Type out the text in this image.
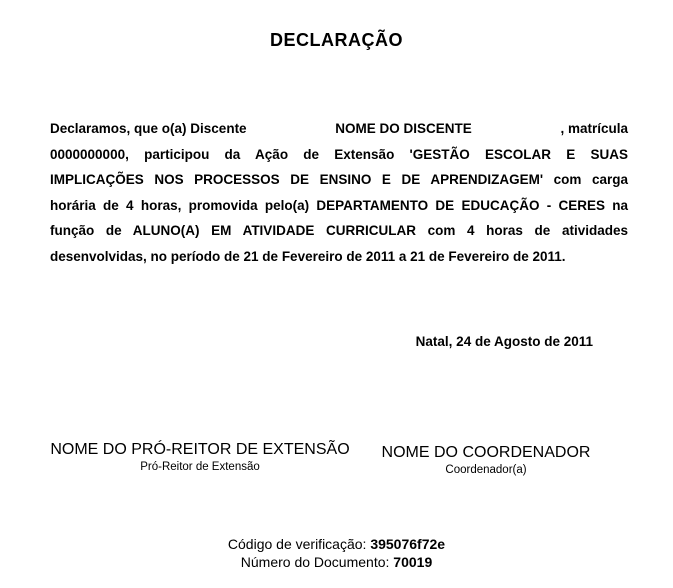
DECLARAÇÃO
Declaramos, que o(a) Discente	NOME DO DISCENTE	, matrícula
0000000000, participou da Ação de Extensão 'GESTÃO ESCOLAR E SUAS
IMPLICAÇÕES NOS PROCESSOS DE ENSINO E DE APRENDIZAGEM' com carga
horária de 4 horas, promovida pelo(a) DEPARTAMENTO DE EDUCAÇÃO - CERES na
função de ALUNO(A) EM ATIVIDADE CURRICULAR com 4 horas de atividades
desenvolvidas, no período de 21 de Fevereiro de 2011 a 21 de Fevereiro de 2011.
Natal, 24 de Agosto de 2011
NOME DO PRÓ-REITOR DE EXTENSÃO
Pró-Reitor de Extensão
NOME DO COORDENADOR
Coordenador(a)
Código de verificação: 395076f72e
Número do Documento: 70019
